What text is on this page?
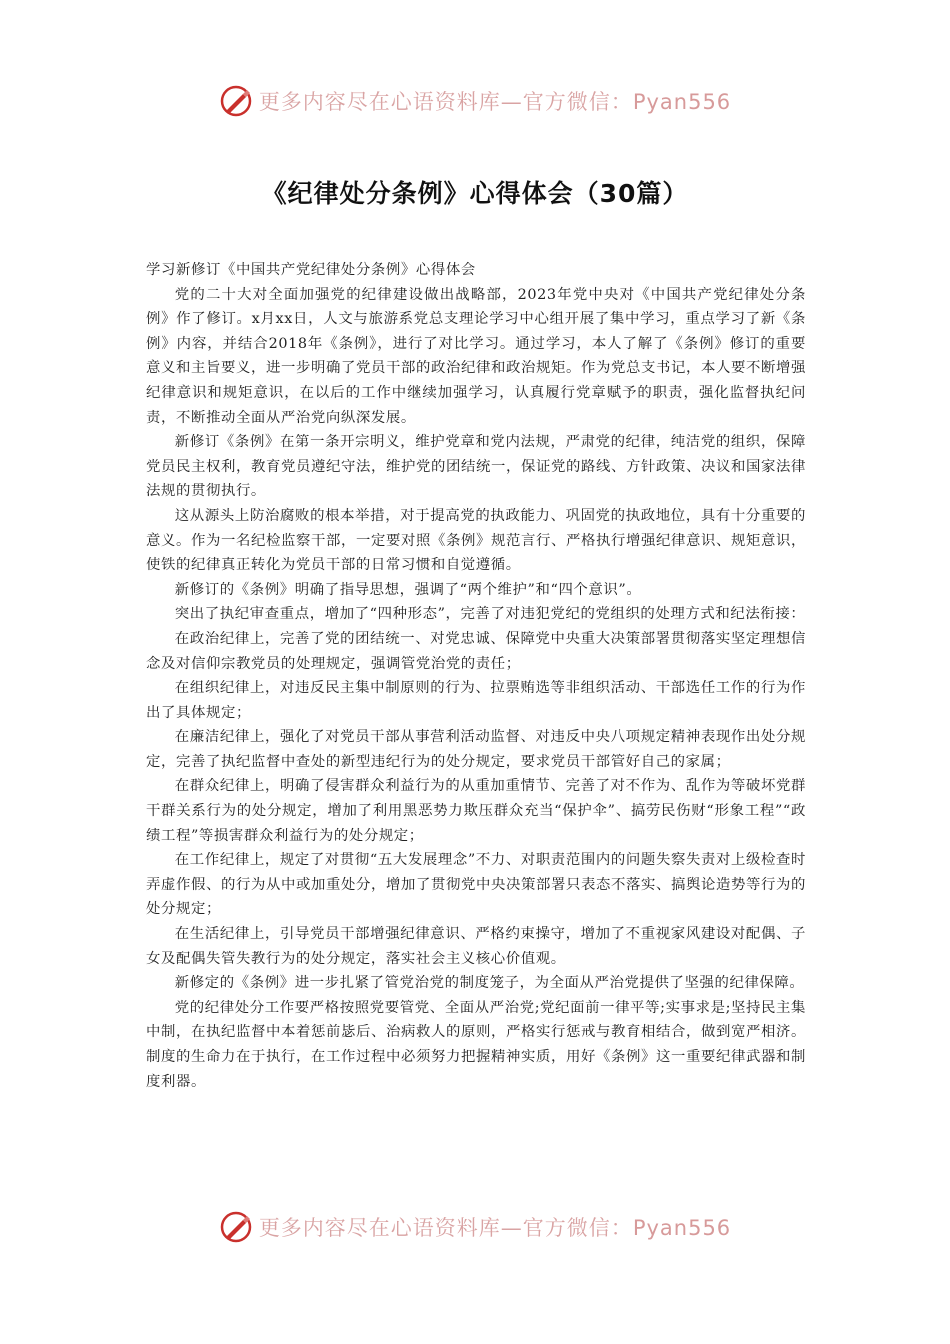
更多内容尽在心语资料库—官方微信：Pyan556
《纪律处分条例》心得体会（30篇）

学习新修订《中国共产党纪律处分条例》心得体会

党的二十大对全面加强党的纪律建设做出战略部，2023年党中央对《中国共产党纪律处分条例》作了修订。x月xx日，人文与旅游系党总支理论学习中心组开展了集中学习，重点学习了新《条例》内容，并结合2018年《条例》，进行了对比学习。通过学习，本人了解了《条例》修订的重要意义和主旨要义，进一步明确了党员干部的政治纪律和政治规矩。作为党总支书记，本人要不断增强纪律意识和规矩意识，在以后的工作中继续加强学习，认真履行党章赋予的职责，强化监督执纪问责，不断推动全面从严治党向纵深发展。

新修订《条例》在第一条开宗明义，维护党章和党内法规，严肃党的纪律，纯洁党的组织，保障党员民主权利，教育党员遵纪守法，维护党的团结统一，保证党的路线、方针政策、决议和国家法律法规的贯彻执行。

这从源头上防治腐败的根本举措，对于提高党的执政能力、巩固党的执政地位，具有十分重要的意义。作为一名纪检监察干部，一定要对照《条例》规范言行、严格执行增强纪律意识、规矩意识，使铁的纪律真正转化为党员干部的日常习惯和自觉遵循。

新修订的《条例》明确了指导思想，强调了“两个维护”和“四个意识”。

突出了执纪审查重点，增加了“四种形态”，完善了对违犯党纪的党组织的处理方式和纪法衔接：

在政治纪律上，完善了党的团结统一、对党忠诚、保障党中央重大决策部署贯彻落实坚定理想信念及对信仰宗教党员的处理规定，强调管党治党的责任；

在组织纪律上，对违反民主集中制原则的行为、拉票贿选等非组织活动、干部选任工作的行为作出了具体规定；

在廉洁纪律上，强化了对党员干部从事营利活动监督、对违反中央八项规定精神表现作出处分规定，完善了执纪监督中查处的新型违纪行为的处分规定，要求党员干部管好自己的家属；

在群众纪律上，明确了侵害群众利益行为的从重加重情节、完善了对不作为、乱作为等破坏党群干群关系行为的处分规定，增加了利用黑恶势力欺压群众充当“保护伞”、搞劳民伤财“形象工程”“政绩工程”等损害群众利益行为的处分规定；

在工作纪律上，规定了对贯彻“五大发展理念”不力、对职责范围内的问题失察失责对上级检查时弄虚作假、的行为从中或加重处分，增加了贯彻党中央决策部署只表态不落实、搞舆论造势等行为的处分规定；

在生活纪律上，引导党员干部增强纪律意识、严格约束操守，增加了不重视家风建设对配偶、子女及配偶失管失教行为的处分规定，落实社会主义核心价值观。

新修定的《条例》进一步扎紧了管党治党的制度笼子，为全面从严治党提供了坚强的纪律保障。

党的纪律处分工作要严格按照党要管党、全面从严治党;党纪面前一律平等;实事求是;坚持民主集中制，在执纪监督中本着惩前毖后、治病救人的原则，严格实行惩戒与教育相结合，做到宽严相济。制度的生命力在于执行，在工作过程中必须努力把握精神实质，用好《条例》这一重要纪律武器和制度利器。

更多内容尽在心语资料库—官方微信：Pyan556
